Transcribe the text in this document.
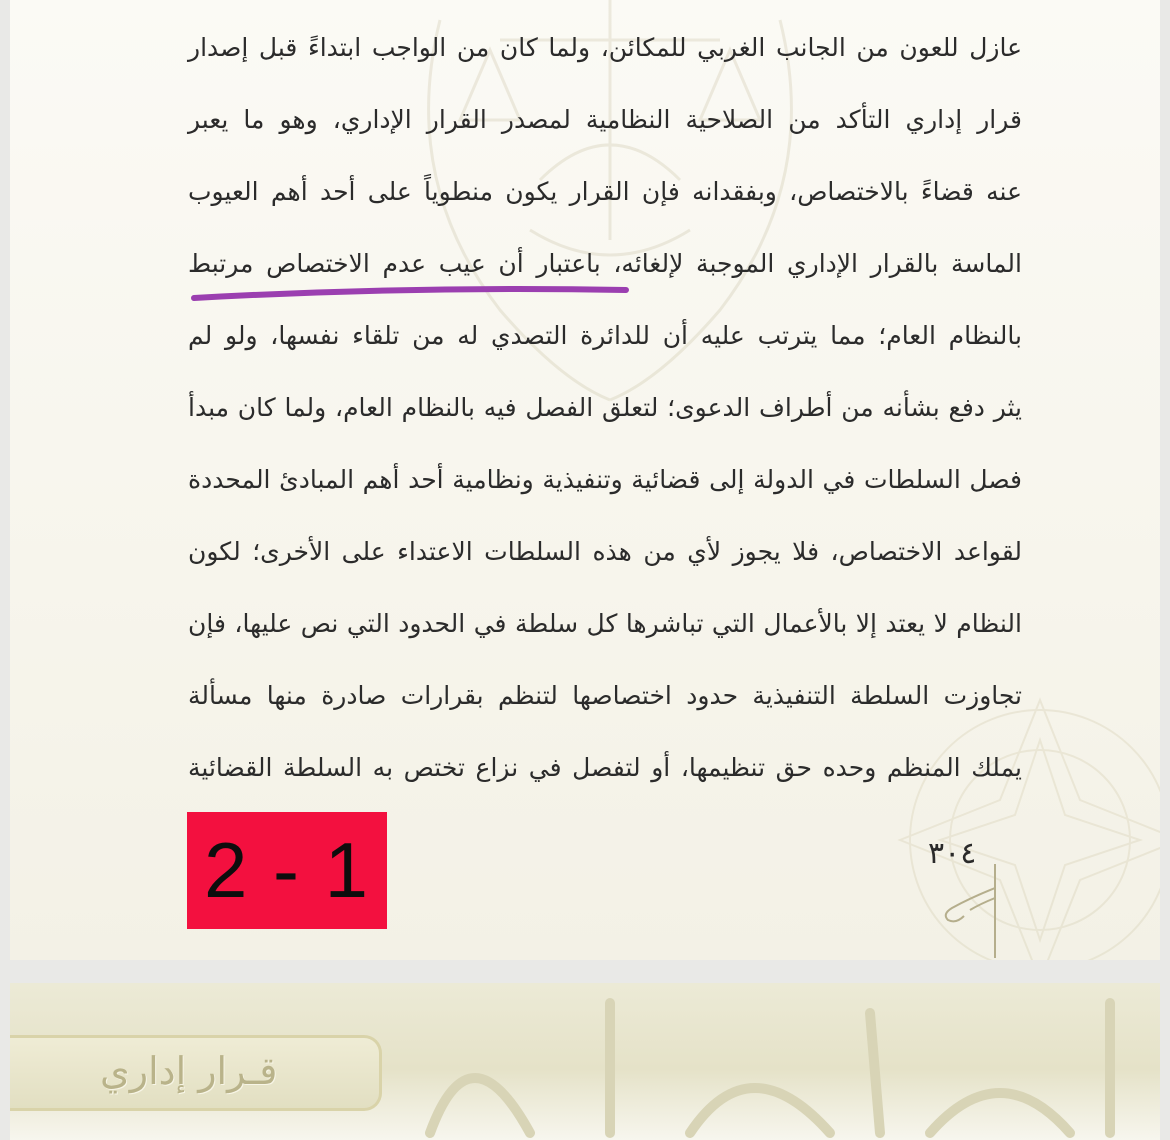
عازل للعون من الجانب الغربي للمكائن، ولما كان من الواجب ابتداءً قبل إصدار
قرار إداري التأكد من الصلاحية النظامية لمصدر القرار الإداري، وهو ما يعبر
عنه قضاءً بالاختصاص، وبفقدانه فإن القرار يكون منطوياً على أحد أهم العيوب
الماسة بالقرار الإداري الموجبة لإلغائه، باعتبار أن عيب عدم الاختصاص مرتبط
بالنظام العام؛ مما يترتب عليه أن للدائرة التصدي له من تلقاء نفسها، ولو لم
يثر دفع بشأنه من أطراف الدعوى؛ لتعلق الفصل فيه بالنظام العام، ولما كان مبدأ
فصل السلطات في الدولة إلى قضائية وتنفيذية ونظامية أحد أهم المبادئ المحددة
لقواعد الاختصاص، فلا يجوز لأي من هذه السلطات الاعتداء على الأخرى؛ لكون
النظام لا يعتد إلا بالأعمال التي تباشرها كل سلطة في الحدود التي نص عليها، فإن
تجاوزت السلطة التنفيذية حدود اختصاصها لتنظم بقرارات صادرة منها مسألة
يملك المنظم وحده حق تنظيمها، أو لتفصل في نزاع تختص به السلطة القضائية
2 - 1	٣٠٤
قـرار إداري
